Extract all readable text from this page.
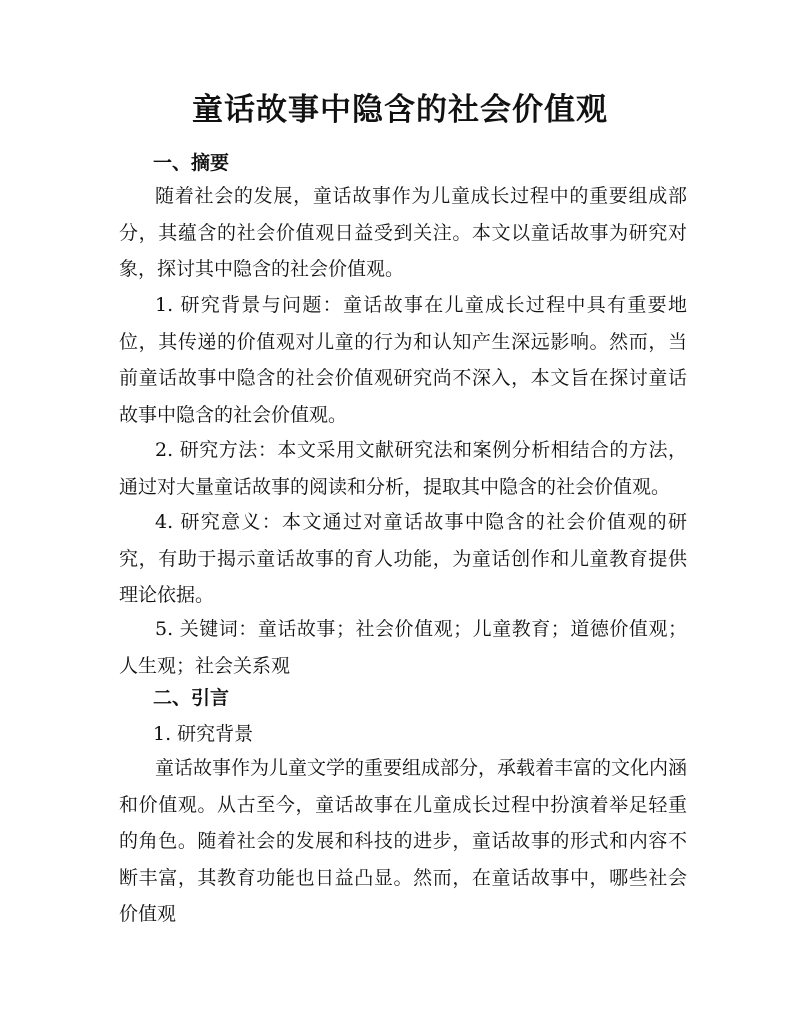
童话故事中隐含的社会价值观
一、摘要

随着社会的发展，童话故事作为儿童成长过程中的重要组成部分，其蕴含的社会价值观日益受到关注。本文以童话故事为研究对象，探讨其中隐含的社会价值观。

1. 研究背景与问题：童话故事在儿童成长过程中具有重要地位，其传递的价值观对儿童的行为和认知产生深远影响。然而，当前童话故事中隐含的社会价值观研究尚不深入，本文旨在探讨童话故事中隐含的社会价值观。

2. 研究方法：本文采用文献研究法和案例分析相结合的方法，通过对大量童话故事的阅读和分析，提取其中隐含的社会价值观。

4. 研究意义：本文通过对童话故事中隐含的社会价值观的研究，有助于揭示童话故事的育人功能，为童话创作和儿童教育提供理论依据。

5. 关键词：童话故事；社会价值观；儿童教育；道德价值观；人生观；社会关系观

二、引言
1. 研究背景

童话故事作为儿童文学的重要组成部分，承载着丰富的文化内涵和价值观。从古至今，童话故事在儿童成长过程中扮演着举足轻重的角色。随着社会的发展和科技的进步，童话故事的形式和内容不断丰富，其教育功能也日益凸显。然而，在童话故事中，哪些社会价值观
